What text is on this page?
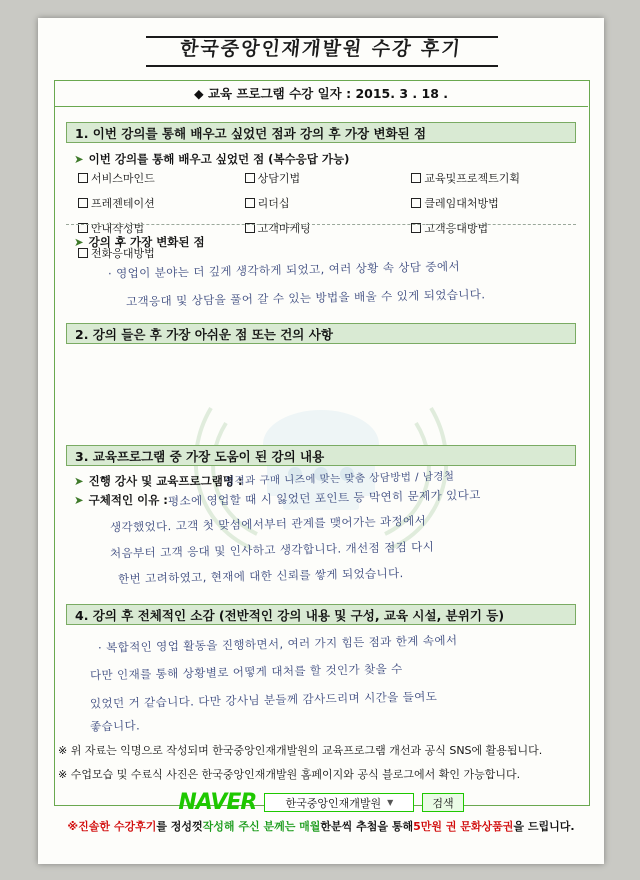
한국중앙인재개발원 수강 후기
◆ 교육 프로그램 수강 일자 : 2015. 3 . 18 .
1. 이번 강의를 통해 배우고 싶었던 점과 강의 후 가장 변화된 점
➤ 이번 강의를 통해 배우고 싶었던 점 (복수응답 가능)
서비스마인드	상담기법	교육및프로젝트기획
프레젠테이션	리더십	클레임대처방법
안내작성법	고객마케팅	고객응대방법
전화응대방법
➤ 강의 후 가장 변화된 점
· 영업이 분야는 더 깊게 생각하게 되었고, 여러 상황 속 상담 중에서
고객응대 및 상담을 풀어 갈 수 있는 방법을 배울 수 있게 되었습니다.
2. 강의 들은 후 가장 아쉬운 점 또는 건의 사항
3. 교육프로그램 중 가장 도움이 된 강의 내용
➤ 진행 강사 및 교육프로그램명 :
성격과 구매 니즈에 맞는 맞춤 상담방법 / 남경철
➤ 구체적인 이유 : 평소에 영업할 때 시 잃었던 포인트 등 막연히 문제가 있다고
생각했었다. 고객 첫 맞섬에서부터 관계를 맺어가는 과정에서
처음부터 고객 응대 및 인사하고 생각합니다. 개선점 점검 다시
한번 고려하였고, 현재에 대한 신뢰를 쌓게 되었습니다.
4. 강의 후 전체적인 소감 (전반적인 강의 내용 및 구성, 교육 시설, 분위기 등)
· 복합적인 영업 활동을 진행하면서, 여러 가지 힘든 점과 한계 속에서
다만 인재를 통해 상황별로 어떻게 대처를 할 것인가 찾을 수
있었던 거 같습니다. 다만 강사님 분들께 감사드리며 시간을 들여도
좋습니다.
※ 위 자료는 익명으로 작성되며 한국중앙인재개발원의 교육프로그램 개선과 공식 SNS에 활용됩니다.
※ 수업모습 및 수료식 사진은 한국중앙인재개발원 홈페이지와 공식 블로그에서 확인 가능합니다.
NAVER	한국중앙인재개발원 ▼	검색
※진솔한 수강후기를 정성껏작성해 주신 분께는 매월한분씩 추첨을 통해5만원 권 문화상품권을 드립니다.
